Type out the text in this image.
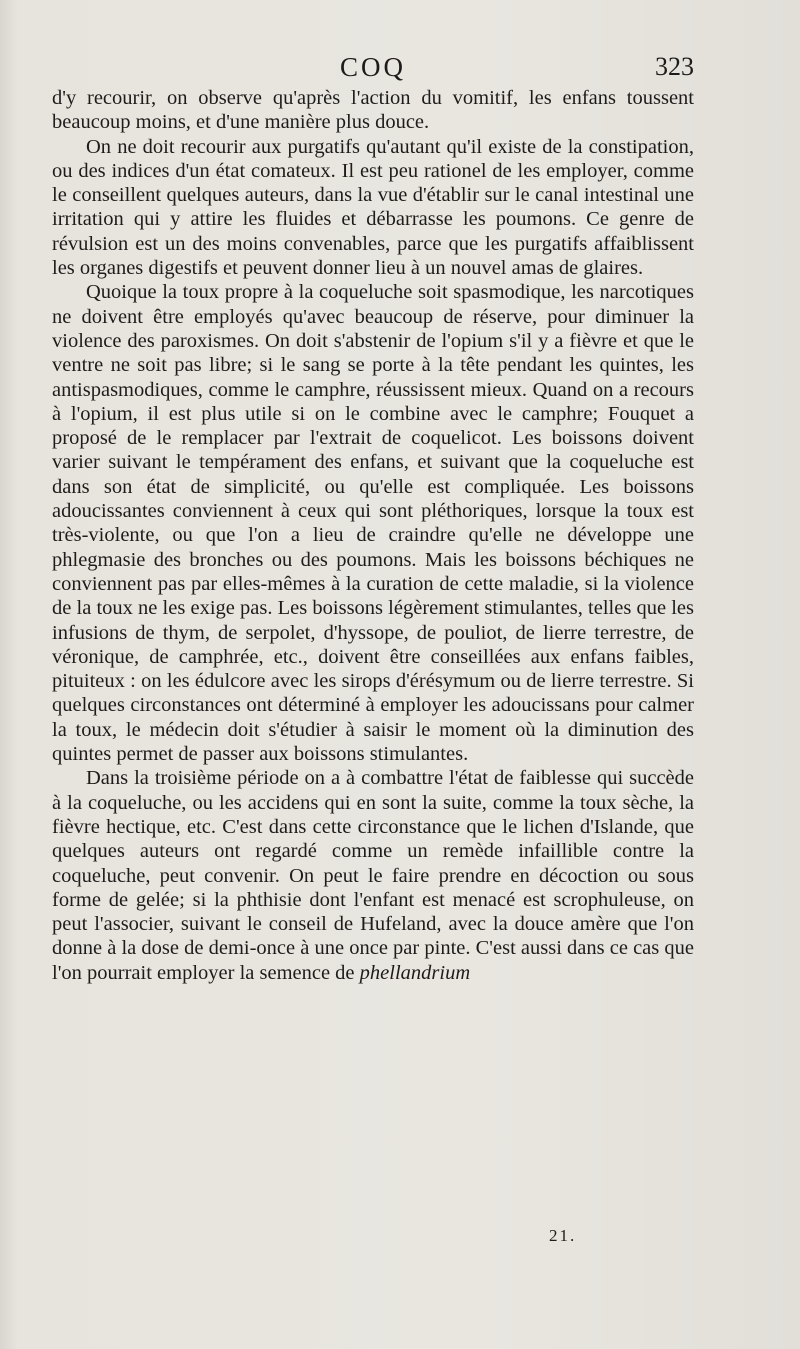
COQ	323

d'y recourir, on observe qu'après l'action du vomitif, les enfans toussent beaucoup moins, et d'une manière plus douce.

On ne doit recourir aux purgatifs qu'autant qu'il existe de la constipation, ou des indices d'un état comateux. Il est peu rationel de les employer, comme le conseillent quelques auteurs, dans la vue d'établir sur le canal intestinal une irritation qui y attire les fluides et débarrasse les poumons. Ce genre de révulsion est un des moins convenables, parce que les purgatifs affaiblissent les organes digestifs et peuvent donner lieu à un nouvel amas de glaires.

Quoique la toux propre à la coqueluche soit spasmodique, les narcotiques ne doivent être employés qu'avec beaucoup de réserve, pour diminuer la violence des paroxismes. On doit s'abstenir de l'opium s'il y a fièvre et que le ventre ne soit pas libre; si le sang se porte à la tête pendant les quintes, les antispasmodiques, comme le camphre, réussissent mieux. Quand on a recours à l'opium, il est plus utile si on le combine avec le camphre; Fouquet a proposé de le remplacer par l'extrait de coquelicot. Les boissons doivent varier suivant le tempérament des enfans, et suivant que la coqueluche est dans son état de simplicité, ou qu'elle est compliquée. Les boissons adoucissantes conviennent à ceux qui sont pléthoriques, lorsque la toux est très-violente, ou que l'on a lieu de craindre qu'elle ne développe une phlegmasie des bronches ou des poumons. Mais les boissons béchiques ne conviennent pas par elles-mêmes à la curation de cette maladie, si la violence de la toux ne les exige pas. Les boissons légèrement stimulantes, telles que les infusions de thym, de serpolet, d'hyssope, de pouliot, de lierre terrestre, de véronique, de camphrée, etc., doivent être conseillées aux enfans faibles, pituiteux : on les édulcore avec les sirops d'érésymum ou de lierre terrestre. Si quelques circonstances ont déterminé à employer les adoucissans pour calmer la toux, le médecin doit s'étudier à saisir le moment où la diminution des quintes permet de passer aux boissons stimulantes.

Dans la troisième période on a à combattre l'état de faiblesse qui succède à la coqueluche, ou les accidens qui en sont la suite, comme la toux sèche, la fièvre hectique, etc. C'est dans cette circonstance que le lichen d'Islande, que quelques auteurs ont regardé comme un remède infaillible contre la coqueluche, peut convenir. On peut le faire prendre en décoction ou sous forme de gelée; si la phthisie dont l'enfant est menacé est scrophuleuse, on peut l'associer, suivant le conseil de Hufeland, avec la douce amère que l'on donne à la dose de demi-once à une once par pinte. C'est aussi dans ce cas que l'on pourrait employer la semence de phellandrium

21.
